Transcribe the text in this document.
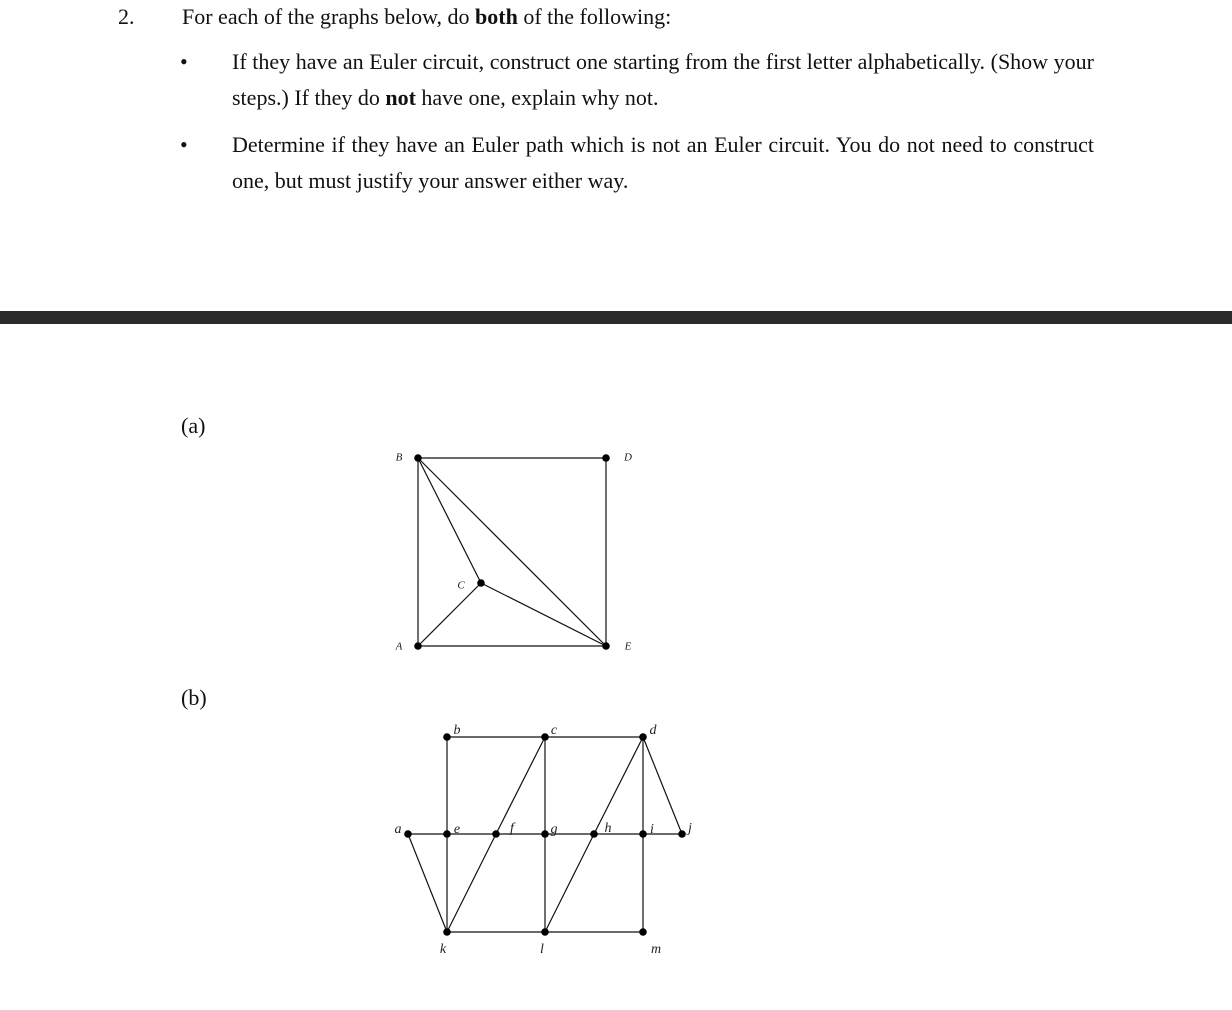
2. For each of the graphs below, do both of the following:
• If they have an Euler circuit, construct one starting from the first letter alphabetically. (Show your steps.) If they do not have one, explain why not.
• Determine if they have an Euler path which is not an Euler circuit. You do not need to construct one, but must justify your answer either way.
(a)
(b)
A
B
C
D
E
a
b	c	d
e	f	g	h	i j
k	l	m
